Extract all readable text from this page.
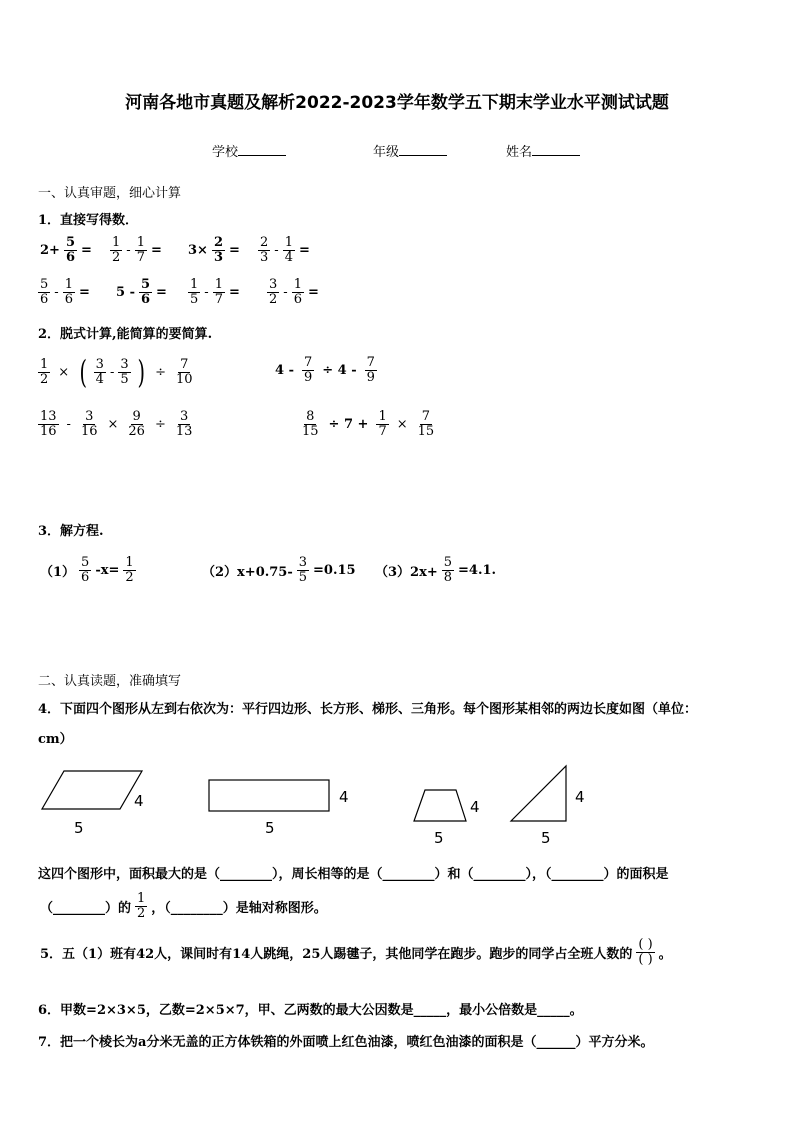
河南各地市真题及解析2022-2023学年数学五下期末学业水平测试试题
学校	年级	姓名
一、认真审题，细心计算
1．直接写得数．
$2+ \frac{5}{6} = \frac{1}{2} - \frac{1}{7} = 3\times \frac{2}{3} = \frac{2}{3} - \frac{1}{4}$ =
$\frac{5}{6} - \frac{1}{6} = 5 - \frac{5}{6} = \frac{1}{5} - \frac{1}{7} = \frac{3}{2} - \frac{1}{6}$ =
2．脱式计算,能简算的要简算.
$\frac{1}{2}$ × ( $\frac{3}{4} - \frac{3}{5}$ ) ÷ $\frac{7}{10}$	$4 - \frac{7}{9} \div 4 - \frac{7}{9}$
$\frac{13}{16} - \frac{3}{16} \times \frac{9}{26} \div \frac{3}{13}$	$\frac{8}{15} \div 7 + \frac{1}{7} \times \frac{7}{15}$
3．解方程.
$(1) \frac{5}{6} -x= \frac{1}{2}$	$(2)x+0.75- \frac{3}{5} =0.15$ $(3)2x+ \frac{5}{8} =4.1$.
二、认真读题，准确填写
4．下面四个图形从左到右依次为：平行四边形、长方形、梯形、三角形。每个图形某相邻的两边长度如图（单位：
cm）
4
5
4
5
4
5
4
5
这四个图形中，面积最大的是（________），周长相等的是（________）和（________），（________）的面积是
（________）的 $\frac{1}{2}$ ，（________）是轴对称图形。
5．五（1）班有42人，课间时有14人跳绳，25人踢毽子，其他同学在跑步。跑步的同学占全班人数的 $\frac{( )}{( )}$ 。
6．甲数=2×3×5，乙数=2×5×7，甲、乙两数的最大公因数是_____，最小公倍数是_____。
7．把一个棱长为a分米无盖的正方体铁箱的外面喷上红色油漆，喷红色油漆的面积是（______）平方分米。
